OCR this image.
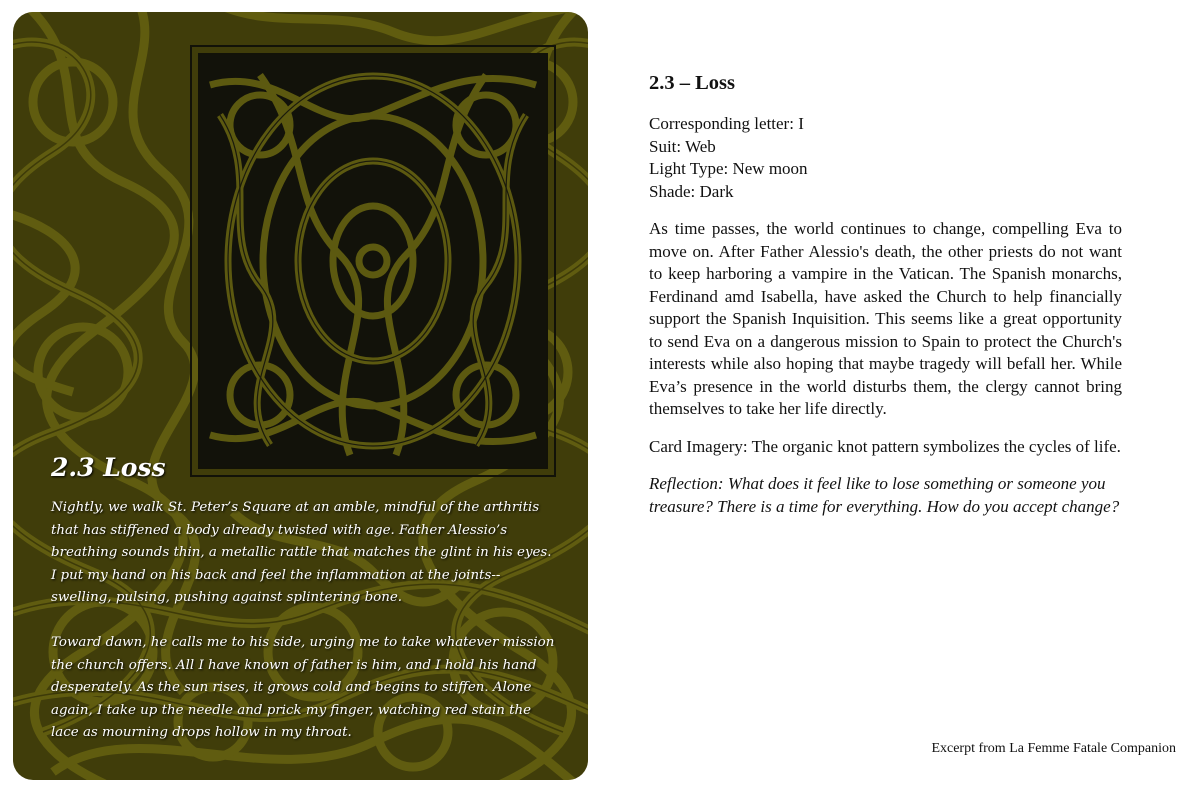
2.3 Loss

Nightly, we walk St. Peter’s Square at an amble, mindful of the arthritis that has stiffened a body already twisted with age. Father Alessio’s breathing sounds thin, a metallic rattle that matches the glint in his eyes. I put my hand on his back and feel the inflammation at the joints-- swelling, pulsing, pushing against splintering bone.

Toward dawn, he calls me to his side, urging me to take whatever mission the church offers. All I have known of father is him, and I hold his hand desperately. As the sun rises, it grows cold and begins to stiffen. Alone again, I take up the needle and prick my finger, watching red stain the lace as mourning drops hollow in my throat.

2.3 – Loss
Corresponding letter: I
Suit: Web
Light Type: New moon
Shade: Dark

As time passes, the world continues to change, compelling Eva to move on. After Father Alessio's death, the other priests do not want to keep harboring a vampire in the Vatican. The Spanish monarchs, Ferdinand amd Isabella, have asked the Church to help financially support the Spanish Inquisition. This seems like a great opportunity to send Eva on a dangerous mission to Spain to protect the Church's interests while also hoping that maybe tragedy will befall her. While Eva’s presence in the world disturbs them, the clergy cannot bring themselves to take her life directly.

Card Imagery: The organic knot pattern symbolizes the cycles of life.

Reflection: What does it feel like to lose something or someone you treasure? There is a time for everything. How do you accept change?

Excerpt from La Femme Fatale Companion
